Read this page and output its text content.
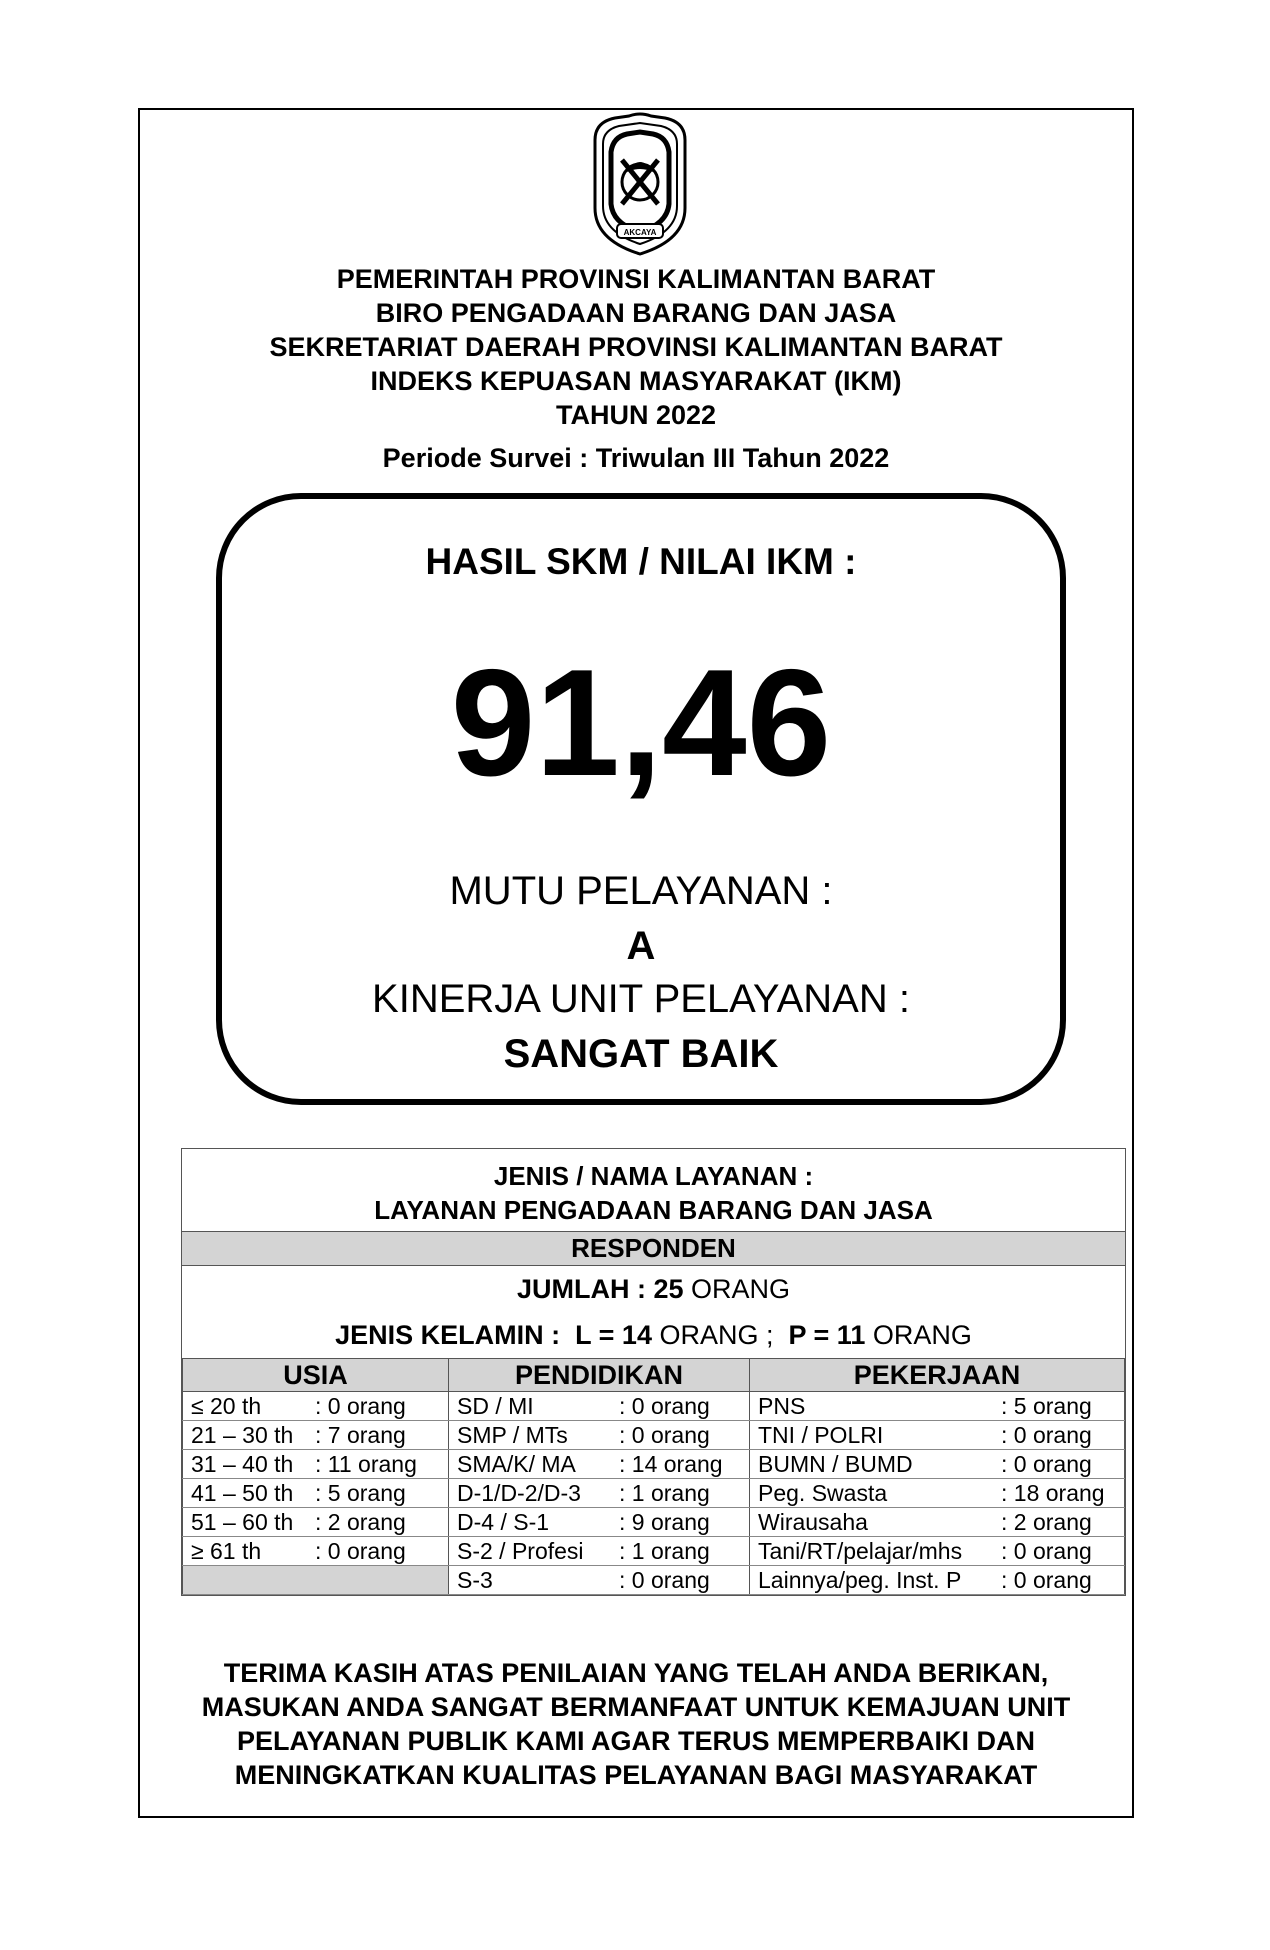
AKCAYA
PEMERINTAH PROVINSI KALIMANTAN BARAT
BIRO PENGADAAN BARANG DAN JASA
SEKRETARIAT DAERAH PROVINSI KALIMANTAN BARAT
INDEKS KEPUASAN MASYARAKAT (IKM)
TAHUN 2022
Periode Survei : Triwulan III Tahun 2022
HASIL SKM / NILAI IKM :
91,46
MUTU PELAYANAN :
A
KINERJA UNIT PELAYANAN :
SANGAT BAIK
JENIS / NAMA LAYANAN :
LAYANAN PENGADAAN BARANG DAN JASA
RESPONDEN
JUMLAH : 25 ORANG
JENIS KELAMIN : L = 14 ORANG ; P = 11 ORANG
USIA	PENDIDIKAN	PEKERJAAN

≤ 20 th : 0 orang	SD / MI : 0 orang	PNS : 5 orang

21 – 30 th : 7 orang	SMP / MTs : 0 orang	TNI / POLRI : 0 orang

31 – 40 th : 11 orang	SMA/K/ MA : 14 orang	BUMN / BUMD : 0 orang

41 – 50 th : 5 orang	D-1/D-2/D-3 : 1 orang	Peg. Swasta : 18 orang

51 – 60 th : 2 orang	D-4 / S-1 : 9 orang	Wirausaha : 2 orang

≥ 61 th : 0 orang	S-2 / Profesi : 1 orang	Tani/RT/pelajar/mhs : 0 orang

	S-3 : 0 orang	Lainnya/peg. Inst. P : 0 orang
TERIMA KASIH ATAS PENILAIAN YANG TELAH ANDA BERIKAN,
MASUKAN ANDA SANGAT BERMANFAAT UNTUK KEMAJUAN UNIT
PELAYANAN PUBLIK KAMI AGAR TERUS MEMPERBAIKI DAN
MENINGKATKAN KUALITAS PELAYANAN BAGI MASYARAKAT
